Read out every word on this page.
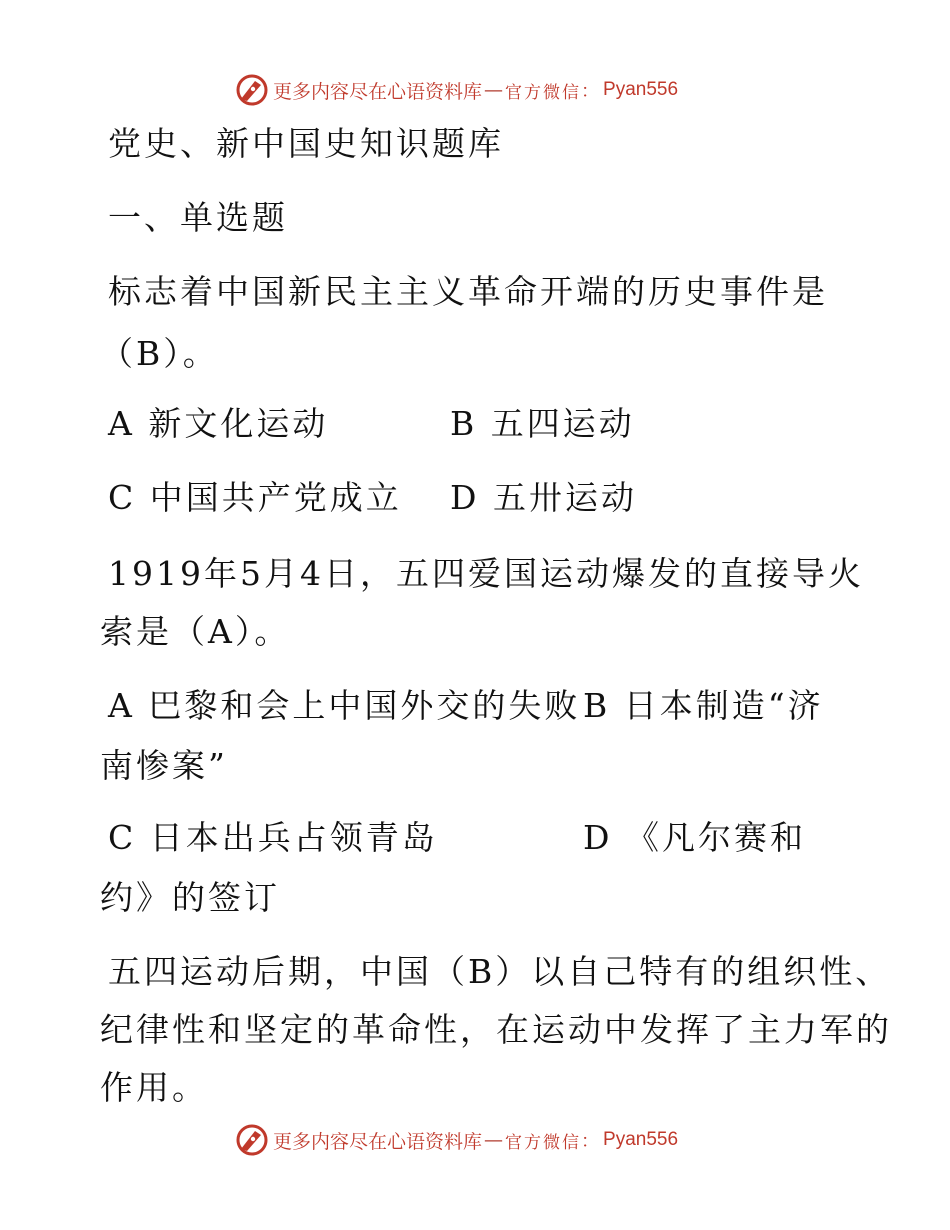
更多内容尽在心语资料库 — 官方微信 ： Pyan556
党史、新中国史知识题库
一、单选题
标志着中国新民主主义革命开端的历史事件是
（B）。
A 新文化运动	B 五四运动
C 中国共产党成立 D 五卅运动
1919年5月4日，五四爱国运动爆发的直接导火
索是（A）。
A 巴黎和会上中国外交的失败 B 日本制造“济
南惨案”
C 日本出兵占领青岛	D 《凡尔赛和
约》的签订
五四运动后期，中国（B）以自己特有的组织性、
纪律性和坚定的革命性，在运动中发挥了主力军的
作用。
更多内容尽在心语资料库 — 官方微信 ： Pyan556
